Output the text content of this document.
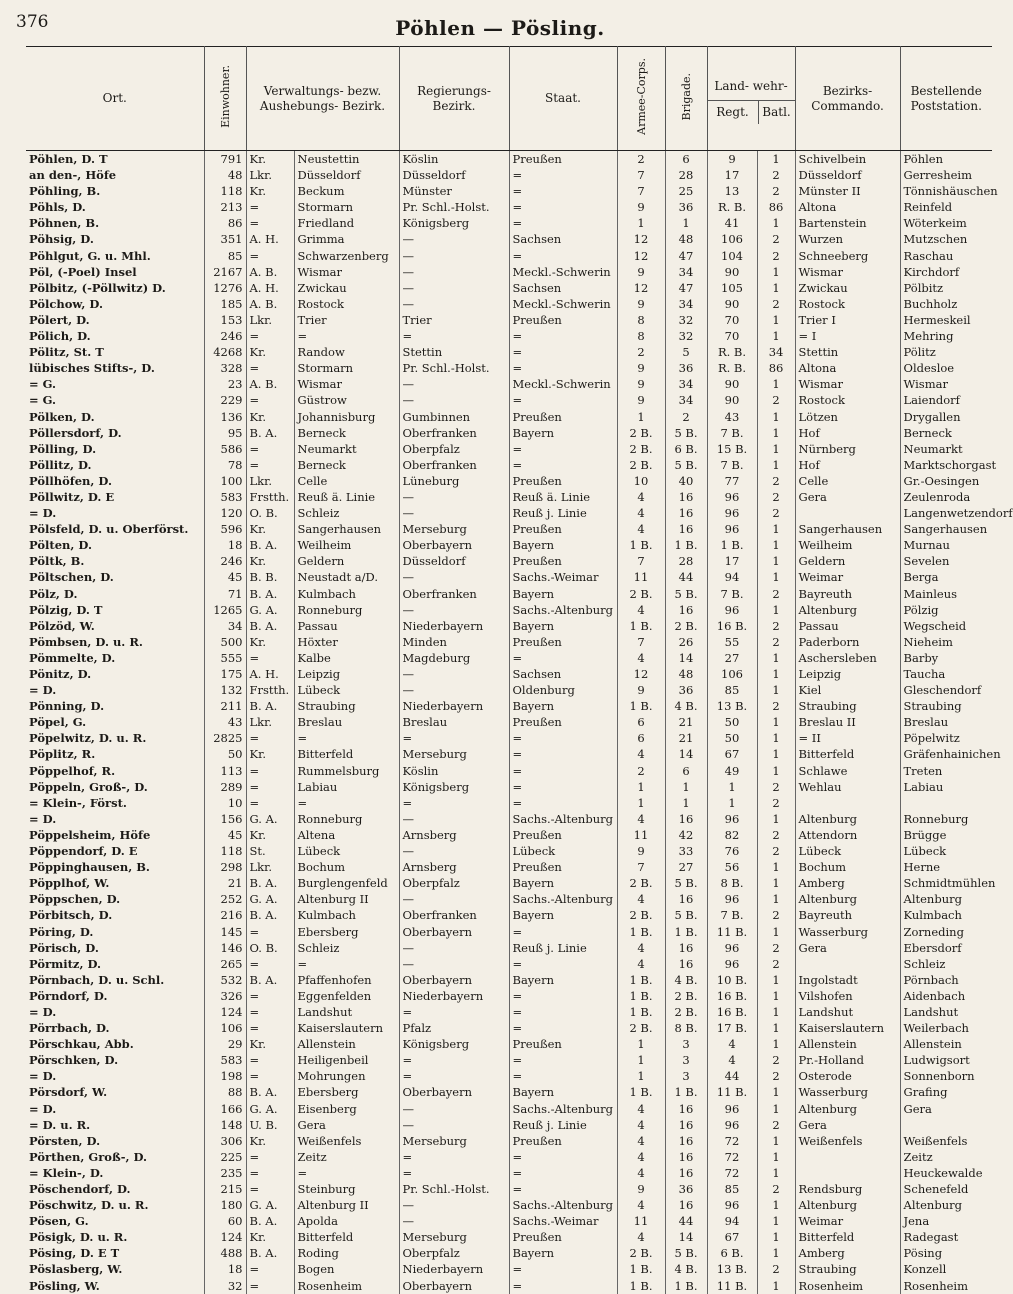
376	Pöhlen — Pösling.
Ort.	Einwohner.	Verwaltungs- bezw. Aushebungs- Bezirk.		Regierungs- Bezirk.	Staat.	Armee-Corps.	Brigade.	Land- wehr-
Regt. Batl.		Bezirks- Commando.	Bestellende Poststation.
Pöhlen, D. T	791	Kr.	Neustettin	Köslin	Preußen	2	6	9	1	Schivelbein	Pöhlen
an den-, Höfe	48	Lkr.	Düsseldorf	Düsseldorf	=	7	28	17	2	Düsseldorf	Gerresheim
Pöhling, B.	118	Kr.	Beckum	Münster	=	7	25	13	2	Münster II	Tönnishäuschen
Pöhls, D.	213	=	Stormarn	Pr. Schl.-Holst.	=	9	36	R. B.	86	Altona	Reinfeld
Pöhnen, B.	86	=	Friedland	Königsberg	=	1	1	41	1	Bartenstein	Wöterkeim
Pöhsig, D.	351	A. H.	Grimma	—	Sachsen	12	48	106	2	Wurzen	Mutzschen
Pöhlgut, G. u. Mhl.	85	=	Schwarzenberg	—	=	12	47	104	2	Schneeberg	Raschau
Pöl, (-Poel) Insel	2167	A. B.	Wismar	—	Meckl.-Schwerin	9	34	90	1	Wismar	Kirchdorf
Pölbitz, (-Pöllwitz) D.	1276	A. H.	Zwickau	—	Sachsen	12	47	105	1	Zwickau	Pölbitz
Pölchow, D.	185	A. B.	Rostock	—	Meckl.-Schwerin	9	34	90	2	Rostock	Buchholz
Pölert, D.	153	Lkr.	Trier	Trier	Preußen	8	32	70	1	Trier I	Hermeskeil
Pölich, D.	246	=	=	=	=	8	32	70	1	= I	Mehring
Pölitz, St. T	4268	Kr.	Randow	Stettin	=	2	5	R. B.	34	Stettin	Pölitz
lübisches Stifts-, D.	328	=	Stormarn	Pr. Schl.-Holst.	=	9	36	R. B.	86	Altona	Oldesloe
= G.	23	A. B.	Wismar	—	Meckl.-Schwerin	9	34	90	1	Wismar	Wismar
= G.	229	=	Güstrow	—	=	9	34	90	2	Rostock	Laiendorf
Pölken, D.	136	Kr.	Johannisburg	Gumbinnen	Preußen	1	2	43	1	Lötzen	Drygallen
Pöllersdorf, D.	95	B. A.	Berneck	Oberfranken	Bayern	2 B.	5 B.	7 B.	1	Hof	Berneck
Pölling, D.	586	=	Neumarkt	Oberpfalz	=	2 B.	6 B.	15 B.	1	Nürnberg	Neumarkt
Pöllitz, D.	78	=	Berneck	Oberfranken	=	2 B.	5 B.	7 B.	1	Hof	Marktschorgast
Pöllhöfen, D.	100	Lkr.	Celle	Lüneburg	Preußen	10	40	77	2	Celle	Gr.-Oesingen
Pöllwitz, D. E	583	Frstth.	Reuß ä. Linie	—	Reuß ä. Linie	4	16	96	2	Gera	Zeulenroda
= D.	120	O. B.	Schleiz	—	Reuß j. Linie	4	16	96	2		Langenwetzendorf
Pölsfeld, D. u. Oberförst.	596	Kr.	Sangerhausen	Merseburg	Preußen	4	16	96	1	Sangerhausen	Sangerhausen
Pölten, D.	18	B. A.	Weilheim	Oberbayern	Bayern	1 B.	1 B.	1 B.	1	Weilheim	Murnau
Pöltk, B.	246	Kr.	Geldern	Düsseldorf	Preußen	7	28	17	1	Geldern	Sevelen
Pöltschen, D.	45	B. B.	Neustadt a/D.	—	Sachs.-Weimar	11	44	94	1	Weimar	Berga
Pölz, D.	71	B. A.	Kulmbach	Oberfranken	Bayern	2 B.	5 B.	7 B.	2	Bayreuth	Mainleus
Pölzig, D. T	1265	G. A.	Ronneburg	—	Sachs.-Altenburg	4	16	96	1	Altenburg	Pölzig
Pölzöd, W.	34	B. A.	Passau	Niederbayern	Bayern	1 B.	2 B.	16 B.	2	Passau	Wegscheid
Pömbsen, D. u. R.	500	Kr.	Höxter	Minden	Preußen	7	26	55	2	Paderborn	Nieheim
Pömmelte, D.	555	=	Kalbe	Magdeburg	=	4	14	27	1	Aschersleben	Barby
Pönitz, D.	175	A. H.	Leipzig	—	Sachsen	12	48	106	1	Leipzig	Taucha
= D.	132	Frstth.	Lübeck	—	Oldenburg	9	36	85	1	Kiel	Gleschendorf
Pönning, D.	211	B. A.	Straubing	Niederbayern	Bayern	1 B.	4 B.	13 B.	2	Straubing	Straubing
Pöpel, G.	43	Lkr.	Breslau	Breslau	Preußen	6	21	50	1	Breslau II	Breslau
Pöpelwitz, D. u. R.	2825	=	=	=	=	6	21	50	1	= II	Pöpelwitz
Pöplitz, R.	50	Kr.	Bitterfeld	Merseburg	=	4	14	67	1	Bitterfeld	Gräfenhainichen
Pöppelhof, R.	113	=	Rummelsburg	Köslin	=	2	6	49	1	Schlawe	Treten
Pöppeln, Groß-, D.	289	=	Labiau	Königsberg	=	1	1	1	2	Wehlau	Labiau
= Klein-, Först.	10	=	=	=	=	1	1	1	2		
= D.	156	G. A.	Ronneburg	—	Sachs.-Altenburg	4	16	96	1	Altenburg	Ronneburg
Pöppelsheim, Höfe	45	Kr.	Altena	Arnsberg	Preußen	11	42	82	2	Attendorn	Brügge
Pöppendorf, D. E	118	St.	Lübeck	—	Lübeck	9	33	76	2	Lübeck	Lübeck
Pöppinghausen, B.	298	Lkr.	Bochum	Arnsberg	Preußen	7	27	56	1	Bochum	Herne
Pöpplhof, W.	21	B. A.	Burglengenfeld	Oberpfalz	Bayern	2 B.	5 B.	8 B.	1	Amberg	Schmidtmühlen
Pöppschen, D.	252	G. A.	Altenburg II	—	Sachs.-Altenburg	4	16	96	1	Altenburg	Altenburg
Pörbitsch, D.	216	B. A.	Kulmbach	Oberfranken	Bayern	2 B.	5 B.	7 B.	2	Bayreuth	Kulmbach
Pöring, D.	145	=	Ebersberg	Oberbayern	=	1 B.	1 B.	11 B.	1	Wasserburg	Zorneding
Pörisch, D.	146	O. B.	Schleiz	—	Reuß j. Linie	4	16	96	2	Gera	Ebersdorf
Pörmitz, D.	265	=	=	—	=	4	16	96	2		Schleiz
Pörnbach, D. u. Schl.	532	B. A.	Pfaffenhofen	Oberbayern	Bayern	1 B.	4 B.	10 B.	1	Ingolstadt	Pörnbach
Pörndorf, D.	326	=	Eggenfelden	Niederbayern	=	1 B.	2 B.	16 B.	1	Vilshofen	Aidenbach
= D.	124	=	Landshut	=	=	1 B.	2 B.	16 B.	1	Landshut	Landshut
Pörrbach, D.	106	=	Kaiserslautern	Pfalz	=	2 B.	8 B.	17 B.	1	Kaiserslautern	Weilerbach
Pörschkau, Abb.	29	Kr.	Allenstein	Königsberg	Preußen	1	3	4	1	Allenstein	Allenstein
Pörschken, D.	583	=	Heiligenbeil	=	=	1	3	4	2	Pr.-Holland	Ludwigsort
= D.	198	=	Mohrungen	=	=	1	3	44	2	Osterode	Sonnenborn
Pörsdorf, W.	88	B. A.	Ebersberg	Oberbayern	Bayern	1 B.	1 B.	11 B.	1	Wasserburg	Grafing
= D.	166	G. A.	Eisenberg	—	Sachs.-Altenburg	4	16	96	1	Altenburg	Gera
= D. u. R.	148	U. B.	Gera	—	Reuß j. Linie	4	16	96	2	Gera	
Pörsten, D.	306	Kr.	Weißenfels	Merseburg	Preußen	4	16	72	1	Weißenfels	Weißenfels
Pörthen, Groß-, D.	225	=	Zeitz	=	=	4	16	72	1		Zeitz
= Klein-, D.	235	=	=	=	=	4	16	72	1		Heuckewalde
Pöschendorf, D.	215	=	Steinburg	Pr. Schl.-Holst.	=	9	36	85	2	Rendsburg	Schenefeld
Pöschwitz, D. u. R.	180	G. A.	Altenburg II	—	Sachs.-Altenburg	4	16	96	1	Altenburg	Altenburg
Pösen, G.	60	B. A.	Apolda	—	Sachs.-Weimar	11	44	94	1	Weimar	Jena
Pösigk, D. u. R.	124	Kr.	Bitterfeld	Merseburg	Preußen	4	14	67	1	Bitterfeld	Radegast
Pösing, D. E T	488	B. A.	Roding	Oberpfalz	Bayern	2 B.	5 B.	6 B.	1	Amberg	Pösing
Pöslasberg, W.	18	=	Bogen	Niederbayern	=	1 B.	4 B.	13 B.	2	Straubing	Konzell
Pösling, W.	32	=	Rosenheim	Oberbayern	=	1 B.	1 B.	11 B.	1	Rosenheim	Rosenheim
